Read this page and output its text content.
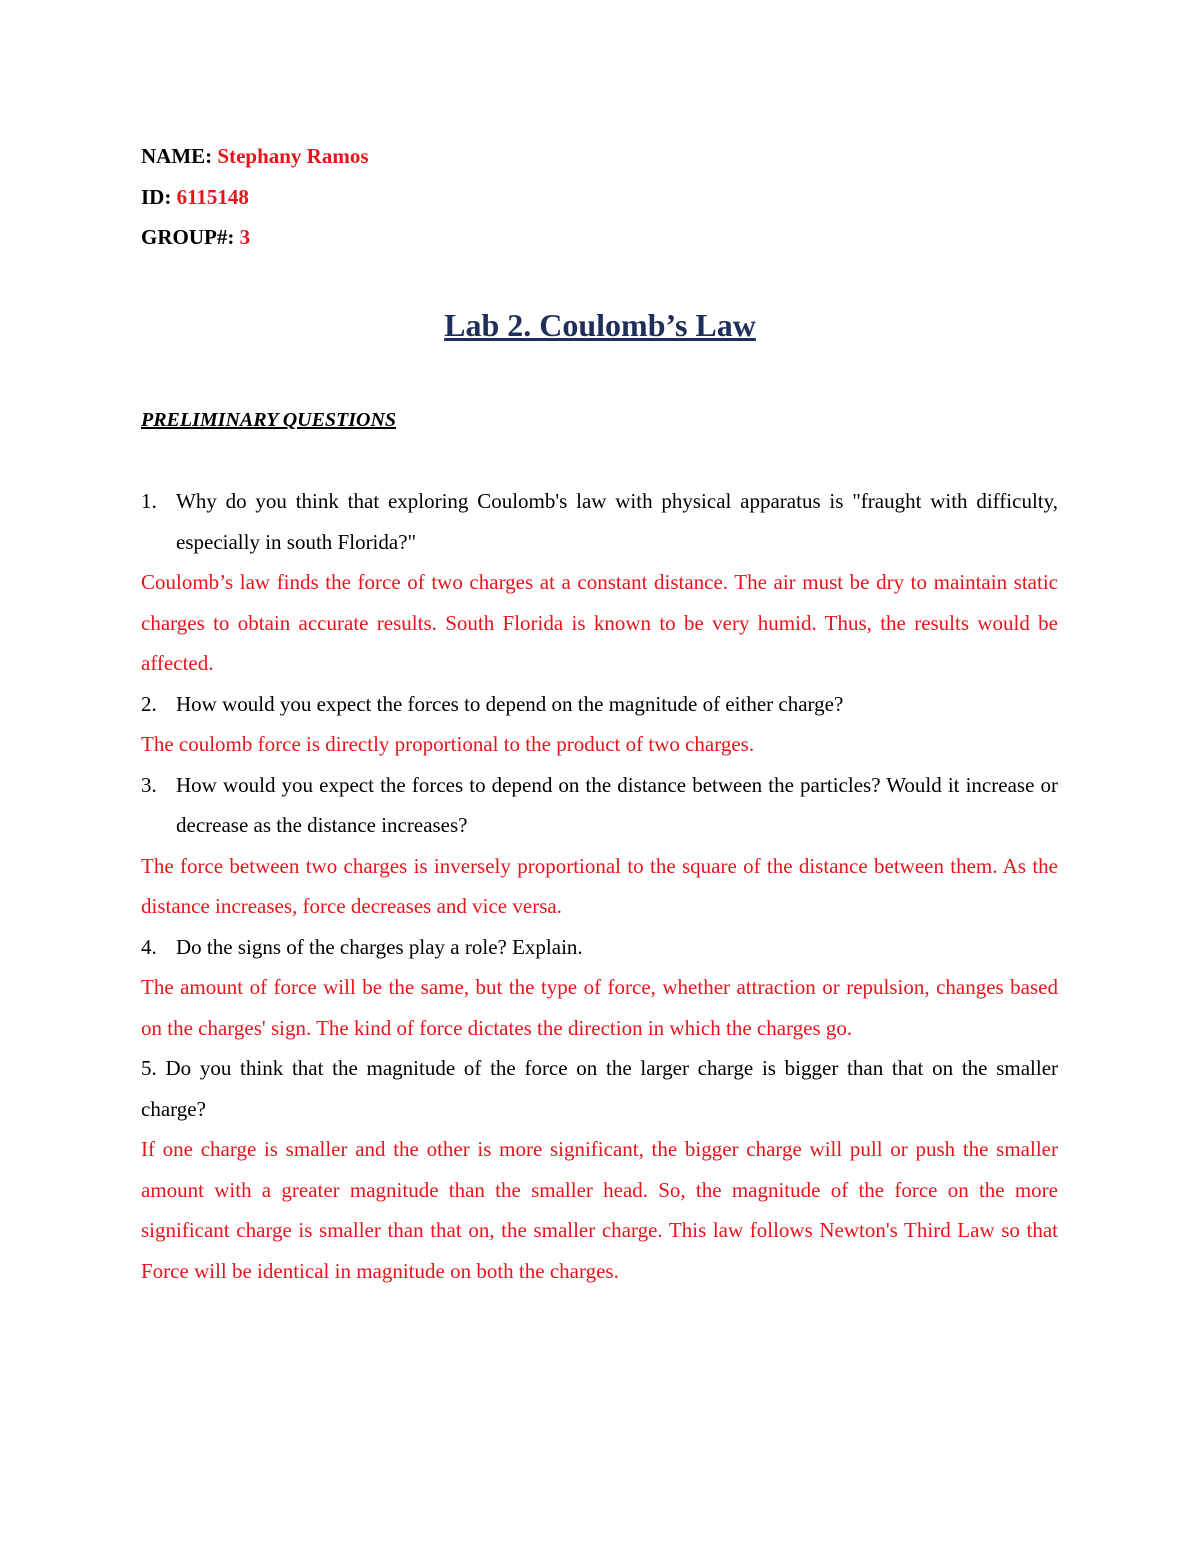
NAME: Stephany Ramos
ID: 6115148
GROUP#: 3
Lab 2. Coulomb’s Law
PRELIMINARY QUESTIONS
1. Why do you think that exploring Coulomb's law with physical apparatus is "fraught with difficulty, especially in south Florida?"
Coulomb’s law finds the force of two charges at a constant distance. The air must be dry to maintain static charges to obtain accurate results. South Florida is known to be very humid. Thus, the results would be affected.
2. How would you expect the forces to depend on the magnitude of either charge?
The coulomb force is directly proportional to the product of two charges.
3. How would you expect the forces to depend on the distance between the particles? Would it increase or decrease as the distance increases?
The force between two charges is inversely proportional to the square of the distance between them. As the distance increases, force decreases and vice versa.
4. Do the signs of the charges play a role? Explain.
The amount of force will be the same, but the type of force, whether attraction or repulsion, changes based on the charges' sign. The kind of force dictates the direction in which the charges go.
5. Do you think that the magnitude of the force on the larger charge is bigger than that on the smaller charge?
If one charge is smaller and the other is more significant, the bigger charge will pull or push the smaller amount with a greater magnitude than the smaller head. So, the magnitude of the force on the more significant charge is smaller than that on, the smaller charge. This law follows Newton's Third Law so that Force will be identical in magnitude on both the charges.
